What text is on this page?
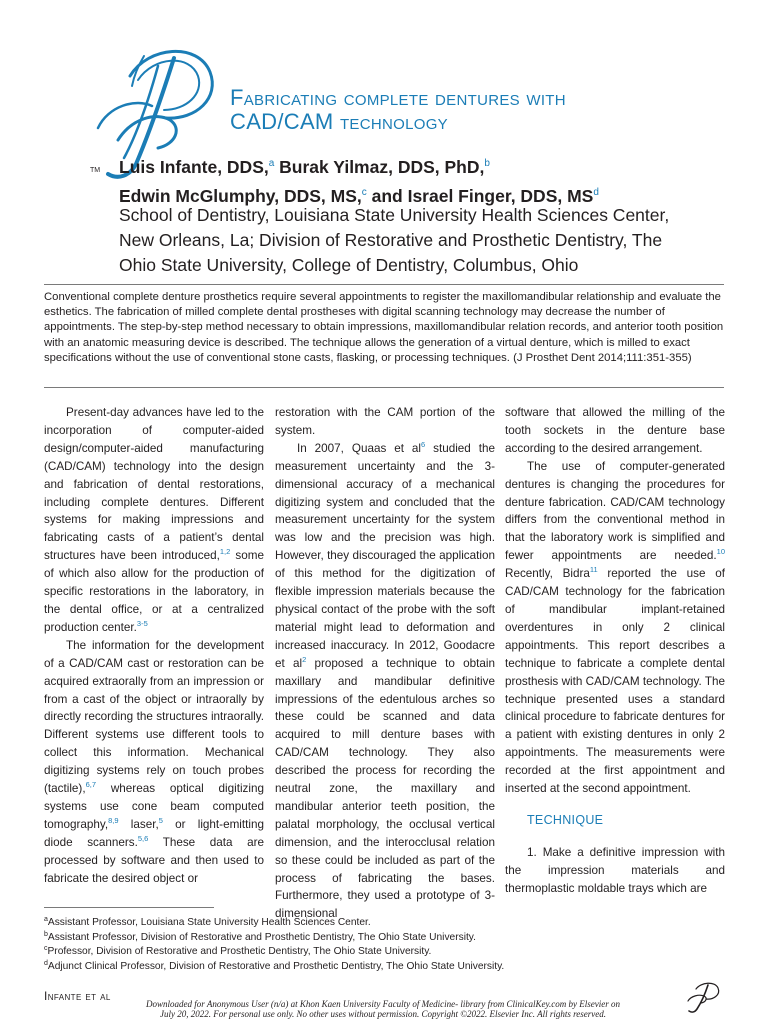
TM
Fabricating complete dentures with
CAD/CAM technology
Luis Infante, DDS,$^a$ Burak Yilmaz, DDS, PhD,$^b$
Edwin McGlumphy, DDS, MS,$^c$ and Israel Finger, DDS, $MS^d$
School of Dentistry, Louisiana State University Health Sciences Center,
New Orleans, La; Division of Restorative and Prosthetic Dentistry, The
Ohio State University, College of Dentistry, Columbus, Ohio
Conventional complete denture prosthetics require several appointments to register the maxillomandibular relationship and evaluate the esthetics. The fabrication of milled complete dental prostheses with digital scanning technology may decrease the number of appointments. The step-by-step method necessary to obtain impressions, maxillomandibular relation records, and anterior tooth position with an anatomic measuring device is described. The technique allows the generation of a virtual denture, which is milled to exact specifications without the use of conventional stone casts, flasking, or processing techniques. (J Prosthet Dent 2014;111:351-355)

Present-day advances have led to the incorporation of computer-aided design/computer-aided manufacturing (CAD/CAM) technology into the design and fabrication of dental restorations, including complete dentures. Different systems for making impressions and fabricating casts of a patient’s dental structures have been introduced,$^{1,2}$ some of which also allow for the production of specific restorations in the laboratory, in the dental office, or at a centralized production center.$^{3-5}$

The information for the development of a CAD/CAM cast or restoration can be acquired extraorally from an impression or from a cast of the object or intraorally by directly recording the structures intraorally. Different systems use different tools to collect this information. Mechanical digitizing systems rely on touch probes (tactile),$^{6,7}$ whereas optical digitizing systems use cone beam computed tomography,$^{8,9}$ laser,$^5$ or light-emitting diode scanners.$^{5,6}$ These data are processed by software and then used to fabricate the desired object or

restoration with the CAM portion of the system.

In 2007, Quaas et $al^6$ studied the measurement uncertainty and the 3-dimensional accuracy of a mechanical digitizing system and concluded that the measurement uncertainty for the system was low and the precision was high. However, they discouraged the application of this method for the digitization of flexible impression materials because the physical contact of the probe with the soft material might lead to deformation and increased inaccuracy. In 2012, Goodacre et $al^2$ proposed a technique to obtain maxillary and mandibular definitive impressions of the edentulous arches so these could be scanned and data acquired to mill denture bases with CAD/CAM technology. They also described the process for recording the neutral zone, the maxillary and mandibular anterior teeth position, the palatal morphology, the occlusal vertical dimension, and the interocclusal relation so these could be included as part of the process of fabricating the bases. Furthermore, they used a prototype of 3-dimensional

software that allowed the milling of the tooth sockets in the denture base according to the desired arrangement.

The use of computer-generated dentures is changing the procedures for denture fabrication. CAD/CAM technology differs from the conventional method in that the laboratory work is simplified and fewer appointments are needed.$^{10}$ Recently, Bidra$^{11}$ reported the use of CAD/CAM technology for the fabrication of mandibular implant-retained overdentures in only 2 clinical appointments. This report describes a technique to fabricate a complete dental prosthesis with CAD/CAM technology. The technique presented uses a standard clinical procedure to fabricate dentures for a patient with existing dentures in only 2 appointments. The measurements were recorded at the first appointment and inserted at the second appointment.

TECHNIQUE

1. Make a definitive impression with the impression materials and thermoplastic moldable trays which are

$^a$Assistant Professor, Louisiana State University Health Sciences Center.
$^b$Assistant Professor, Division of Restorative and Prosthetic Dentistry, The Ohio State University.
$^c$Professor, Division of Restorative and Prosthetic Dentistry, The Ohio State University.
$^d$Adjunct Clinical Professor, Division of Restorative and Prosthetic Dentistry, The Ohio State University.
Infante et al
Downloaded for Anonymous User (n/a) at Khon Kaen University Faculty of Medicine- library from ClinicalKey.com by Elsevier on
July 20, 2022. For personal use only. No other uses without permission. Copyright ©2022. Elsevier Inc. All rights reserved.
